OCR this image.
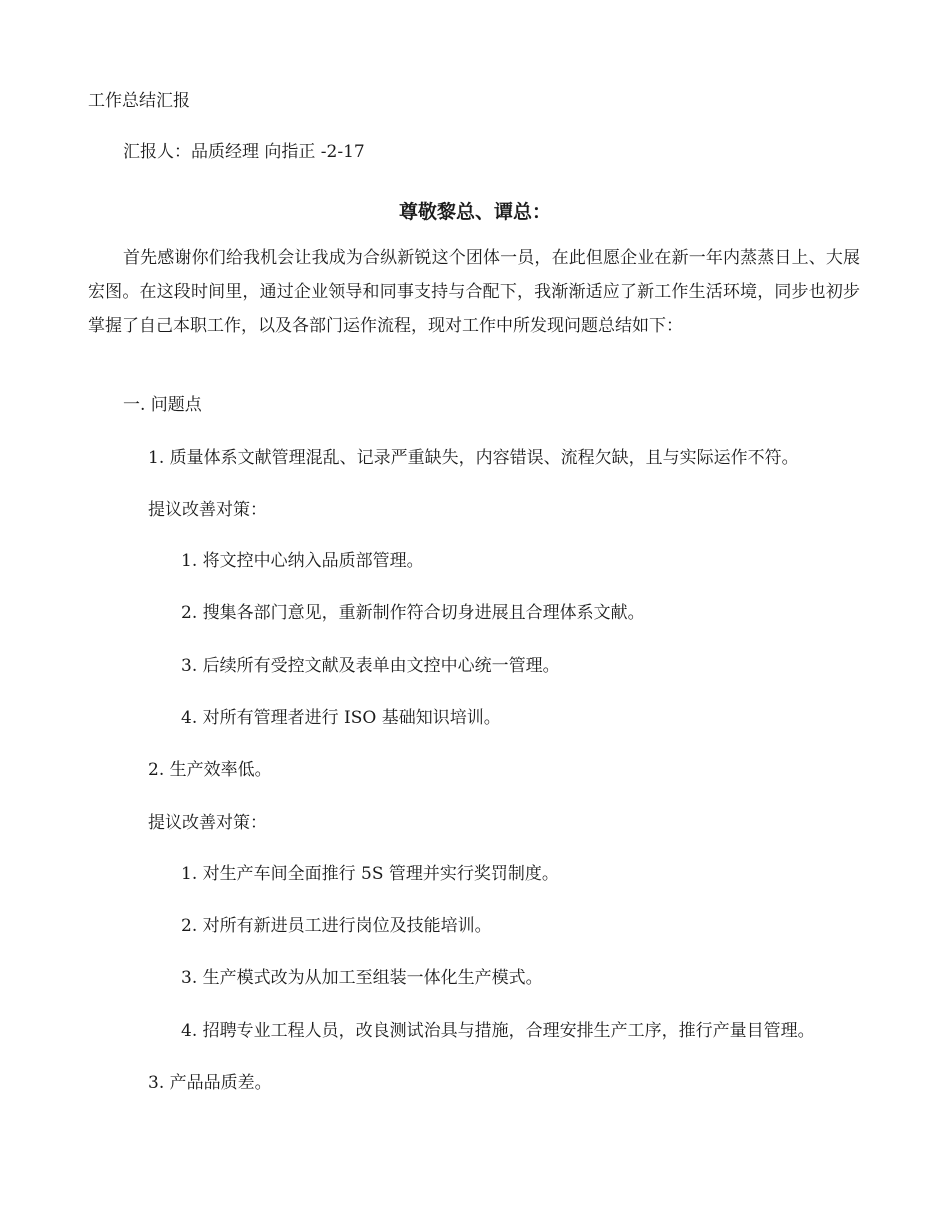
工作总结汇报
汇报人：品质经理 向指正 -2-17
尊敬黎总、谭总：
首先感谢你们给我机会让我成为合纵新锐这个团体一员，在此但愿企业在新一年内蒸蒸日上、大展宏图。在这段时间里，通过企业领导和同事支持与合配下，我渐渐适应了新工作生活环境，同步也初步掌握了自己本职工作，以及各部门运作流程，现对工作中所发现问题总结如下：
一. 问题点
1. 质量体系文献管理混乱、记录严重缺失，内容错误、流程欠缺，且与实际运作不符。
提议改善对策：
1. 将文控中心纳入品质部管理。
2. 搜集各部门意见，重新制作符合切身进展且合理体系文献。
3. 后续所有受控文献及表单由文控中心统一管理。
4. 对所有管理者进行 ISO 基础知识培训。
2. 生产效率低。
提议改善对策：
1. 对生产车间全面推行 5S 管理并实行奖罚制度。
2. 对所有新进员工进行岗位及技能培训。
3. 生产模式改为从加工至组装一体化生产模式。
4. 招聘专业工程人员，改良测试治具与措施，合理安排生产工序，推行产量目管理。
3. 产品品质差。
